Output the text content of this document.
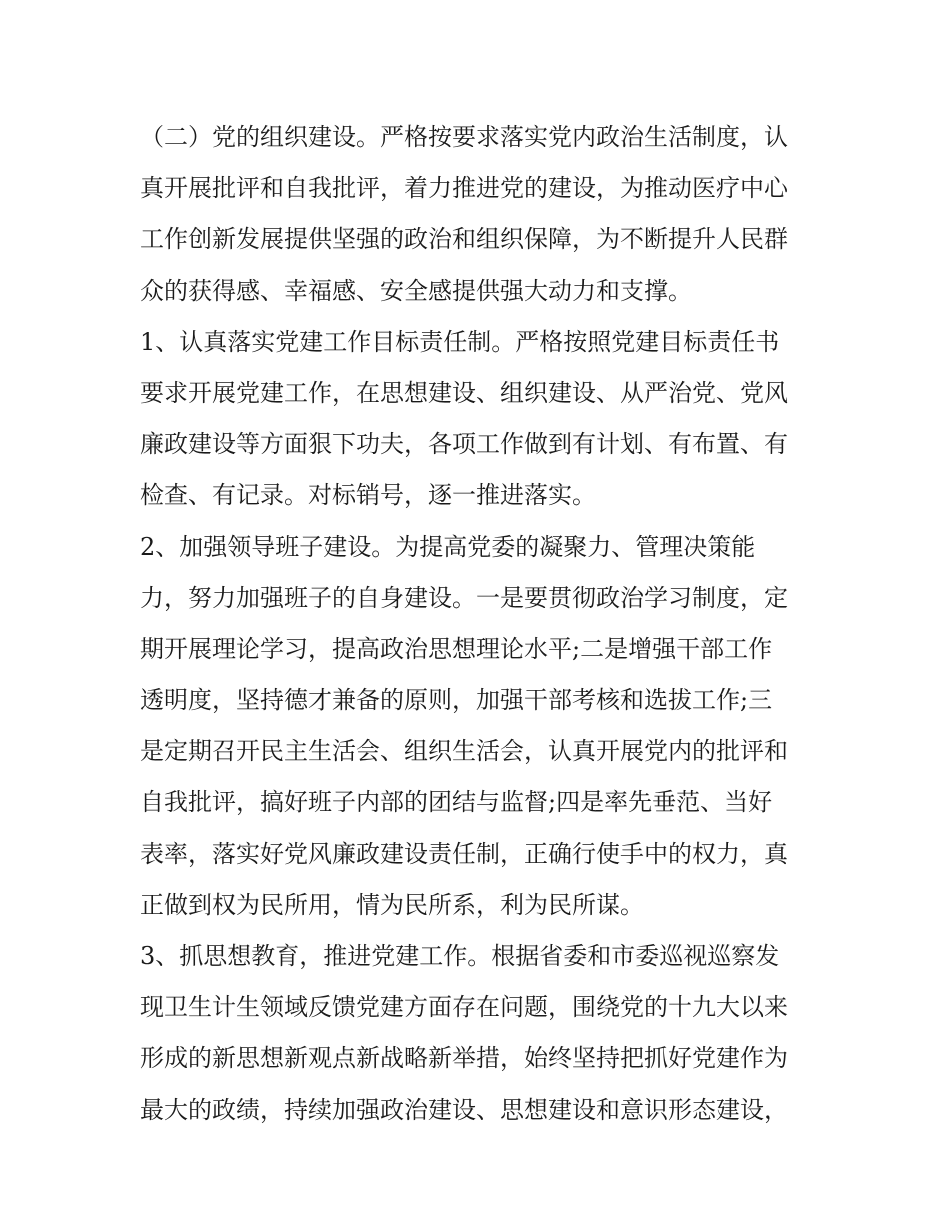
（二）党的组织建设。严格按要求落实党内政治生活制度，认
真开展批评和自我批评，着力推进党的建设，为推动医疗中心
工作创新发展提供坚强的政治和组织保障，为不断提升人民群
众的获得感、幸福感、安全感提供强大动力和支撑。
1、认真落实党建工作目标责任制。严格按照党建目标责任书
要求开展党建工作，在思想建设、组织建设、从严治党、党风
廉政建设等方面狠下功夫，各项工作做到有计划、有布置、有
检查、有记录。对标销号，逐一推进落实。
2、加强领导班子建设。为提高党委的凝聚力、管理决策能
力，努力加强班子的自身建设。一是要贯彻政治学习制度，定
期开展理论学习，提高政治思想理论水平;二是增强干部工作
透明度，坚持德才兼备的原则，加强干部考核和选拔工作;三
是定期召开民主生活会、组织生活会，认真开展党内的批评和
自我批评，搞好班子内部的团结与监督;四是率先垂范、当好
表率，落实好党风廉政建设责任制，正确行使手中的权力，真
正做到权为民所用，情为民所系，利为民所谋。
3、抓思想教育，推进党建工作。根据省委和市委巡视巡察发
现卫生计生领域反馈党建方面存在问题，围绕党的十九大以来
形成的新思想新观点新战略新举措，始终坚持把抓好党建作为
最大的政绩，持续加强政治建设、思想建设和意识形态建设，
